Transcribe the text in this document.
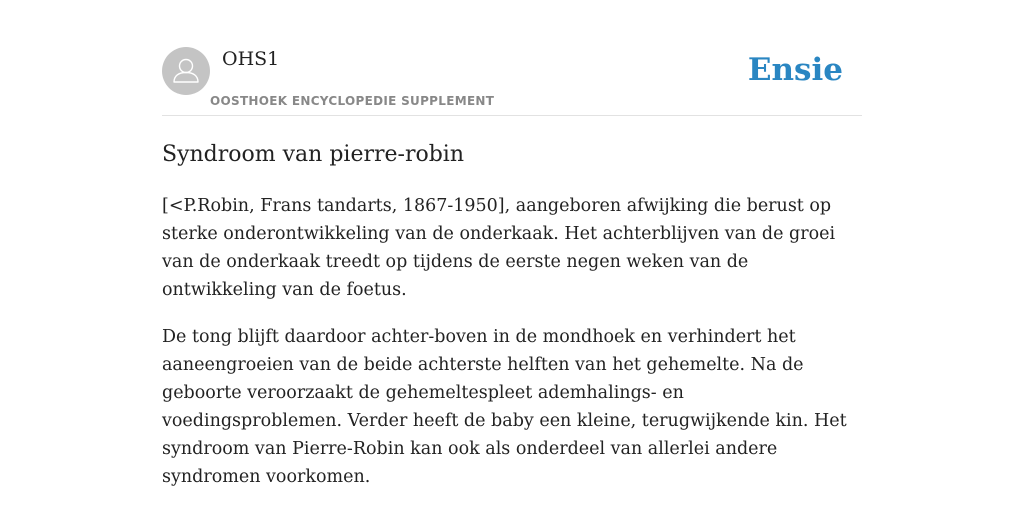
OHS1
OOSTHOEK ENCYCLOPEDIE SUPPLEMENT
Ensie
Syndroom van pierre-robin

[<P.Robin, Frans tandarts, 1867-1950], aangeboren afwijking die berust op sterke onderontwikkeling van de onderkaak. Het achterblijven van de groei van de onderkaak treedt op tijdens de eerste negen weken van de ontwikkeling van de foetus.

De tong blijft daardoor achter-boven in de mondhoek en verhindert het aaneengroeien van de beide achterste helften van het gehemelte. Na de geboorte veroorzaakt de gehemeltespleet ademhalings- en voedingsproblemen. Verder heeft de baby een kleine, terugwijkende kin. Het syndroom van Pierre-Robin kan ook als onderdeel van allerlei andere syndromen voorkomen.
